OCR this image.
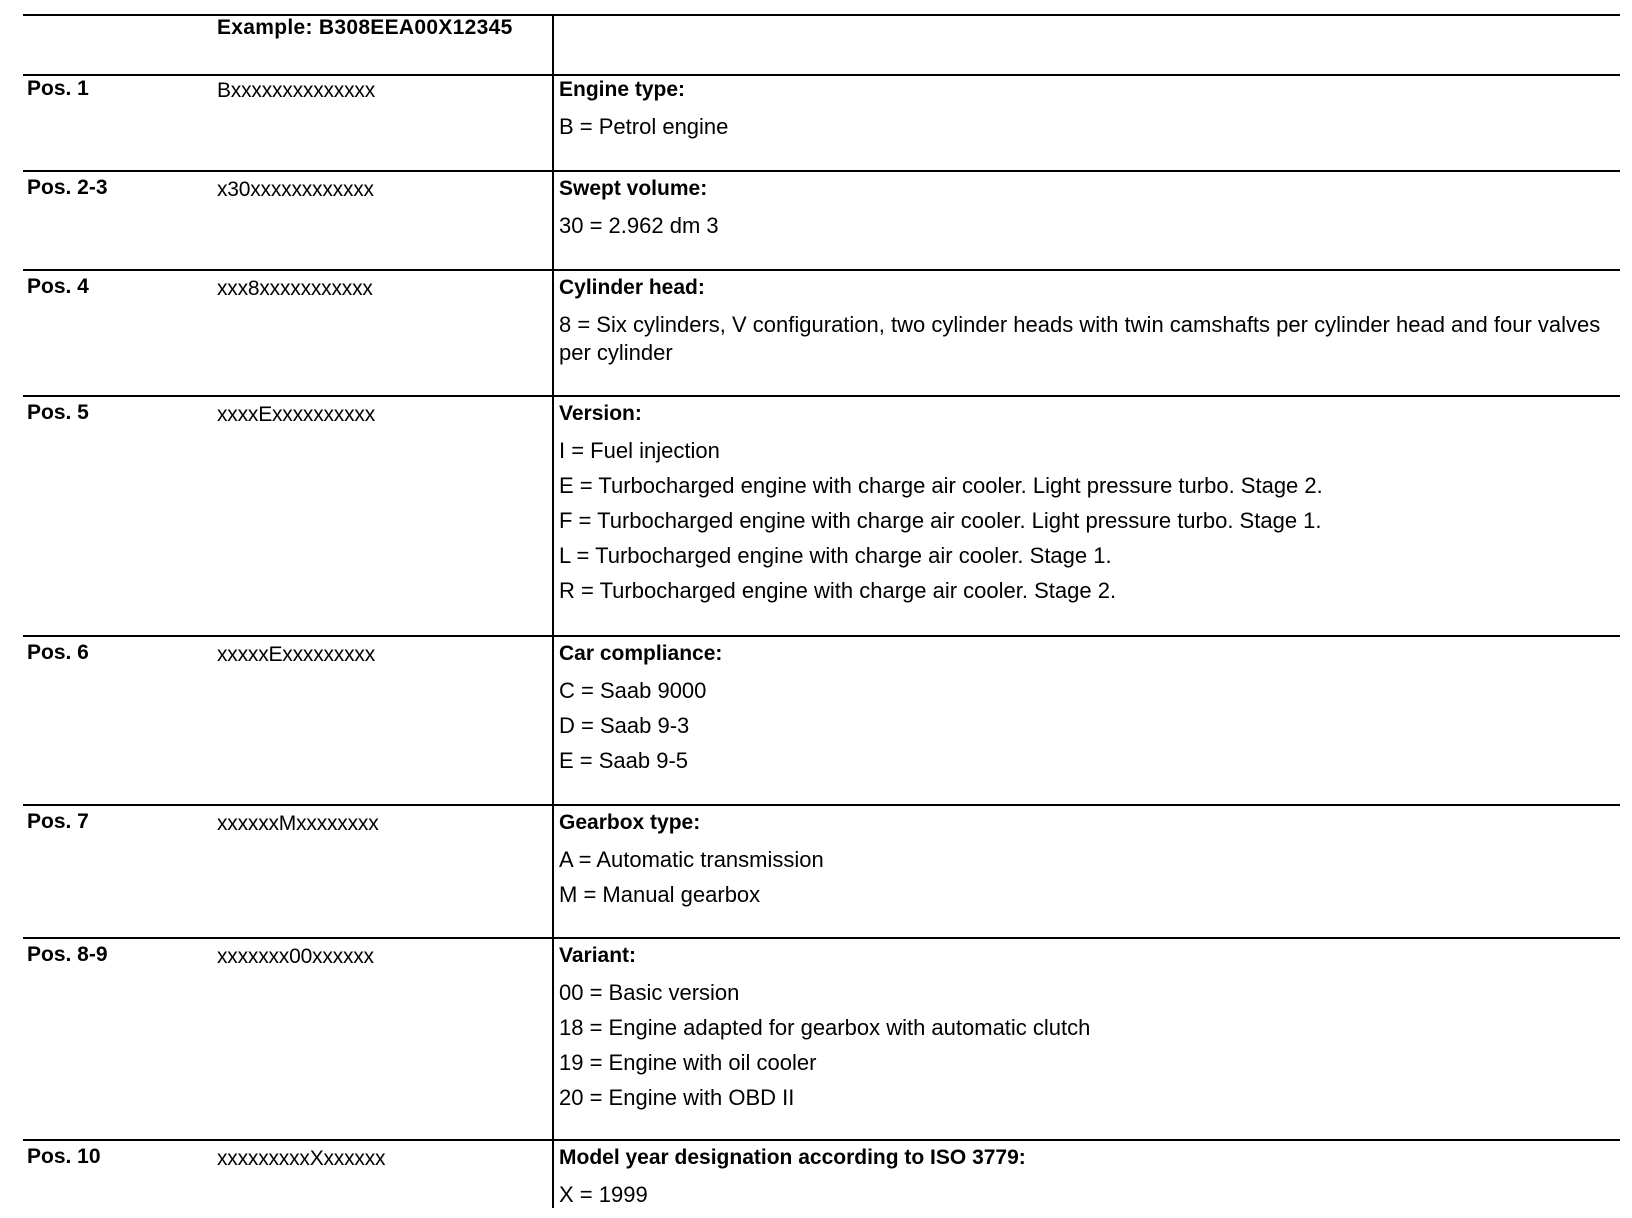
Example: B308EEA00X12345
Pos. 1	Bxxxxxxxxxxxxxx	Engine type:
B = Petrol engine
Pos. 2-3	x30xxxxxxxxxxxx	Swept volume:
30 = 2.962 dm 3
Pos. 4	xxx8xxxxxxxxxxx	Cylinder head:
8 = Six cylinders, V configuration, two cylinder heads with twin camshafts per cylinder head and four valves per cylinder
Pos. 5	xxxxExxxxxxxxxx	Version:
I = Fuel injection
E = Turbocharged engine with charge air cooler. Light pressure turbo. Stage 2.
F = Turbocharged engine with charge air cooler. Light pressure turbo. Stage 1.
L = Turbocharged engine with charge air cooler. Stage 1.
R = Turbocharged engine with charge air cooler. Stage 2.
Pos. 6	xxxxxExxxxxxxxx	Car compliance:
C = Saab 9000
D = Saab 9-3
E = Saab 9-5
Pos. 7	xxxxxxMxxxxxxxx	Gearbox type:
A = Automatic transmission
M = Manual gearbox
Pos. 8-9	xxxxxxx00xxxxxx	Variant:
00 = Basic version
18 = Engine adapted for gearbox with automatic clutch
19 = Engine with oil cooler
20 = Engine with OBD II
Pos. 10	xxxxxxxxxXxxxxxx	Model year designation according to ISO 3779:
X = 1999
